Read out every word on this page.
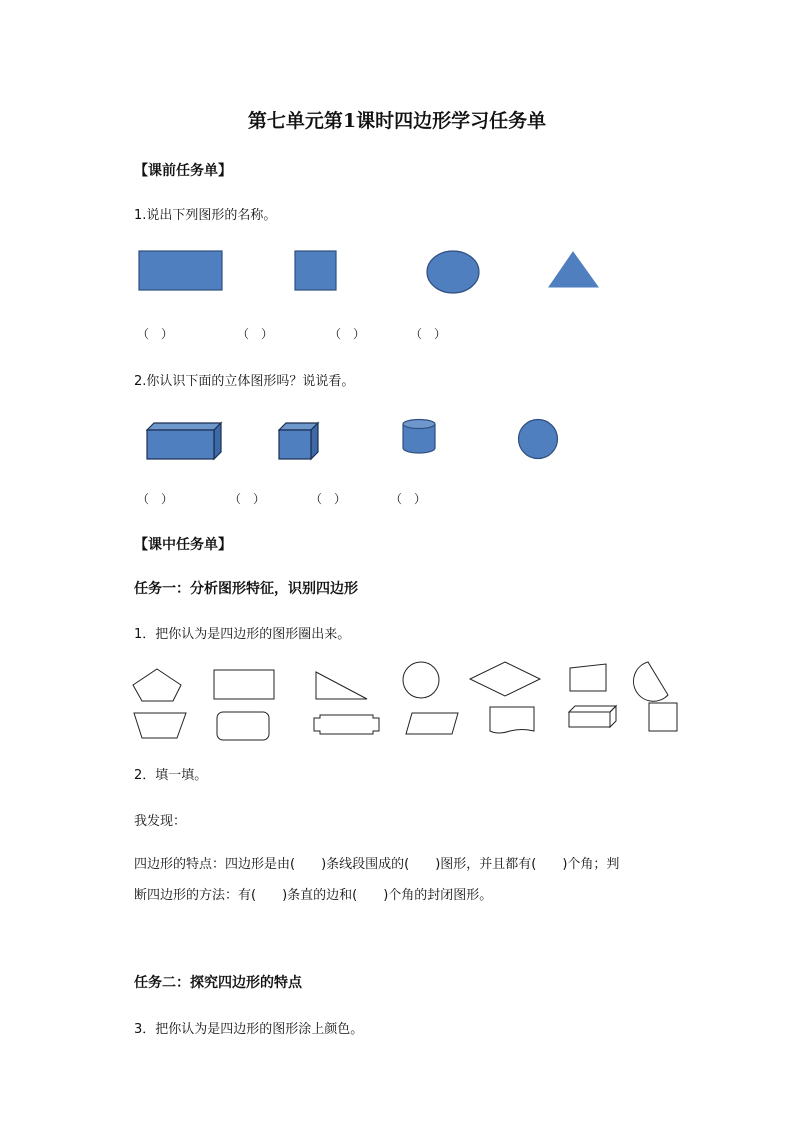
第七单元第1课时四边形学习任务单
【课前任务单】
1.说出下列图形的名称。
（　）	（　）	（　）	（　）
2.你认识下面的立体图形吗？说说看。
（　）	（　）	（　）	（　）
【课中任务单】
任务一：分析图形特征，识别四边形
1．把你认为是四边形的图形圈出来。
2．填一填。
我发现：
四边形的特点：四边形是由(　　)条线段围成的(　　)图形，并且都有(　　)个角；判
断四边形的方法：有(　　)条直的边和(　　)个角的封闭图形。
任务二：探究四边形的特点
3．把你认为是四边形的图形涂上颜色。
